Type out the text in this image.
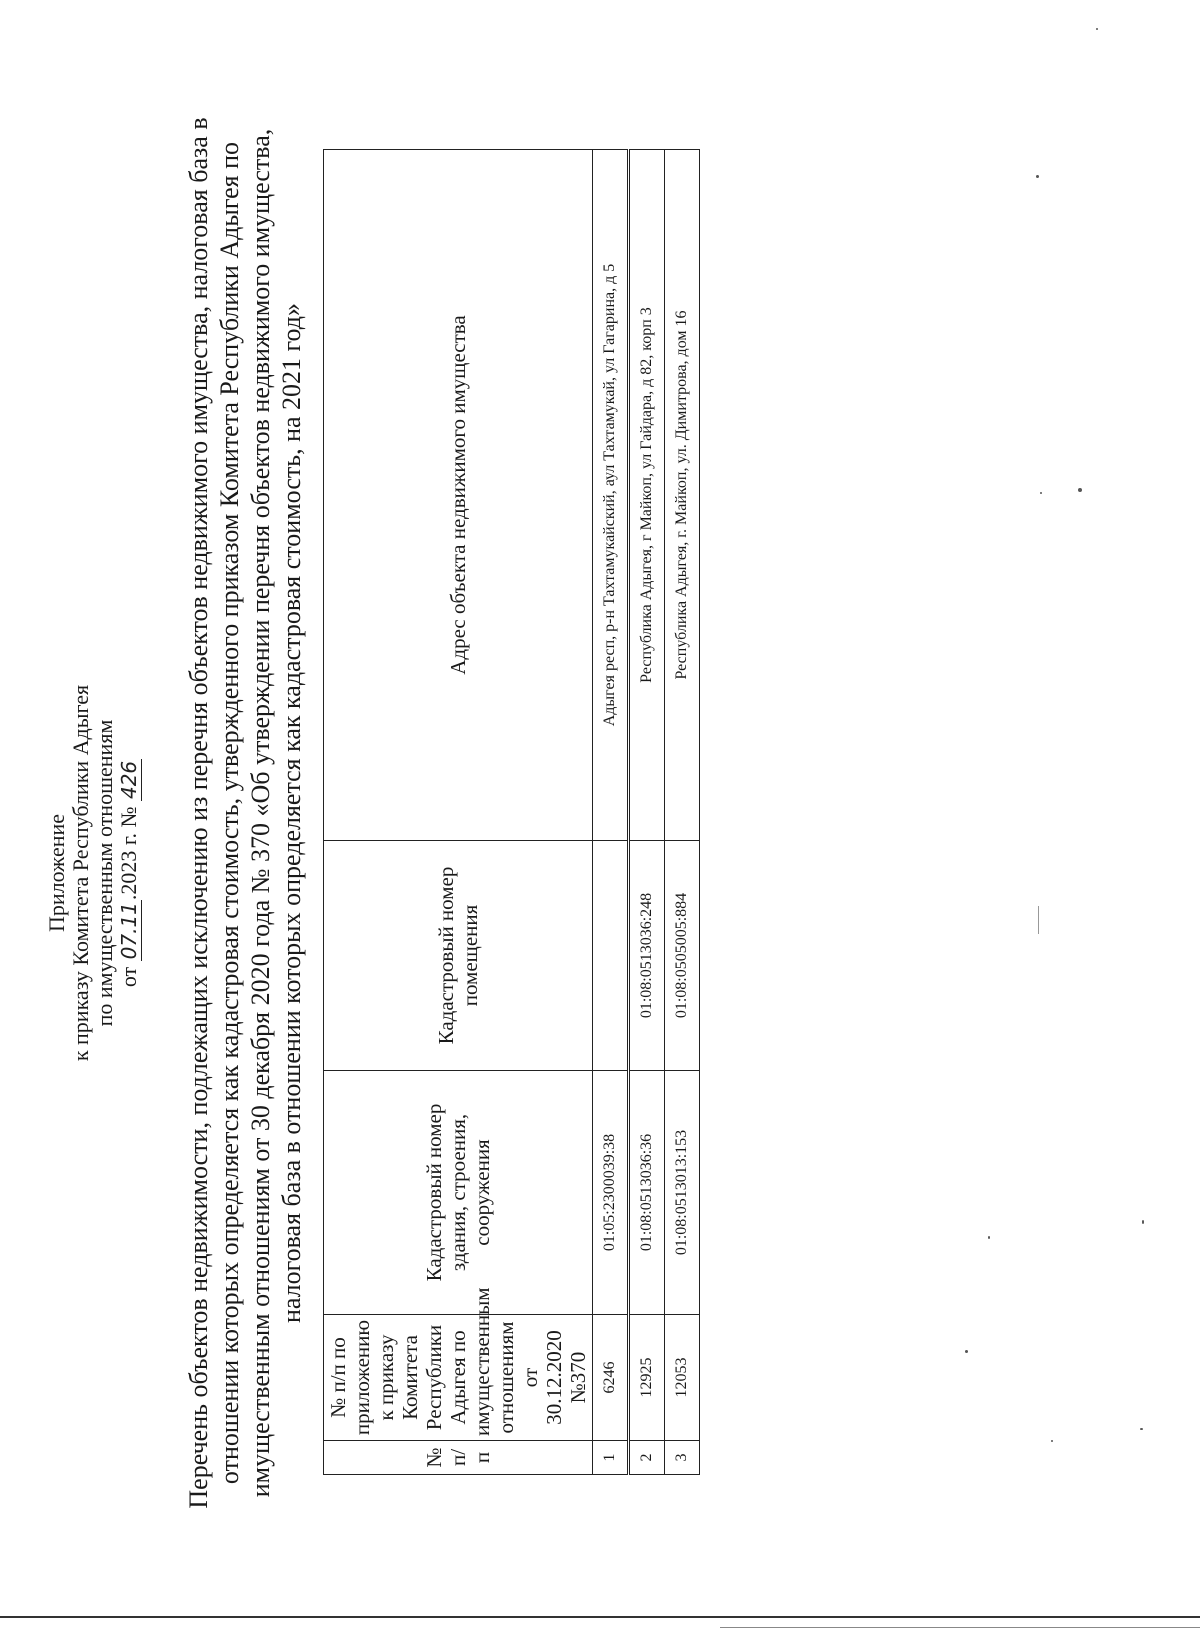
Приложение к приказу Комитета Республики Адыгея по имущественным отношениям от 07.11.2023 г. № 426 Перечень объектов недвижимости, подлежащих исключению из перечня объектов недвижимого имущества, налоговая база в отношении которых определяется как кадастровая стоимость, утвержденного приказом Комитета Республики Адыгея по имущественным отношениям от 30 декабря 2020 года № 370 «Об утверждении перечня объектов недвижимого имущества, налоговая база в отношении которых определяется как кадастровая стоимость, на 2021 год»
№ п/п	№ п/п по приложению к приказу Комитета Республики Адыгея по имущественным отношениям от 30.12.2020 №370	Кадастровый номер здания, строения, сооружения	Кадастровый номер помещения	Адрес объекта недвижимого имущества
1	6246	01:05:2300039:38		Адыгея респ, р-н Тахтамукайский, аул Тахтамукай, ул Гагарина, д 5
2	12925	01:08:0513036:36	01:08:0513036:248	Республика Адыгея, г Майкоп, ул Гайдара, д 82, корп 3
3	12053	01:08:0513013:153	01:08:0505005:884	Республика Адыгея, г. Майкоп, ул. Димитрова, дом 16
